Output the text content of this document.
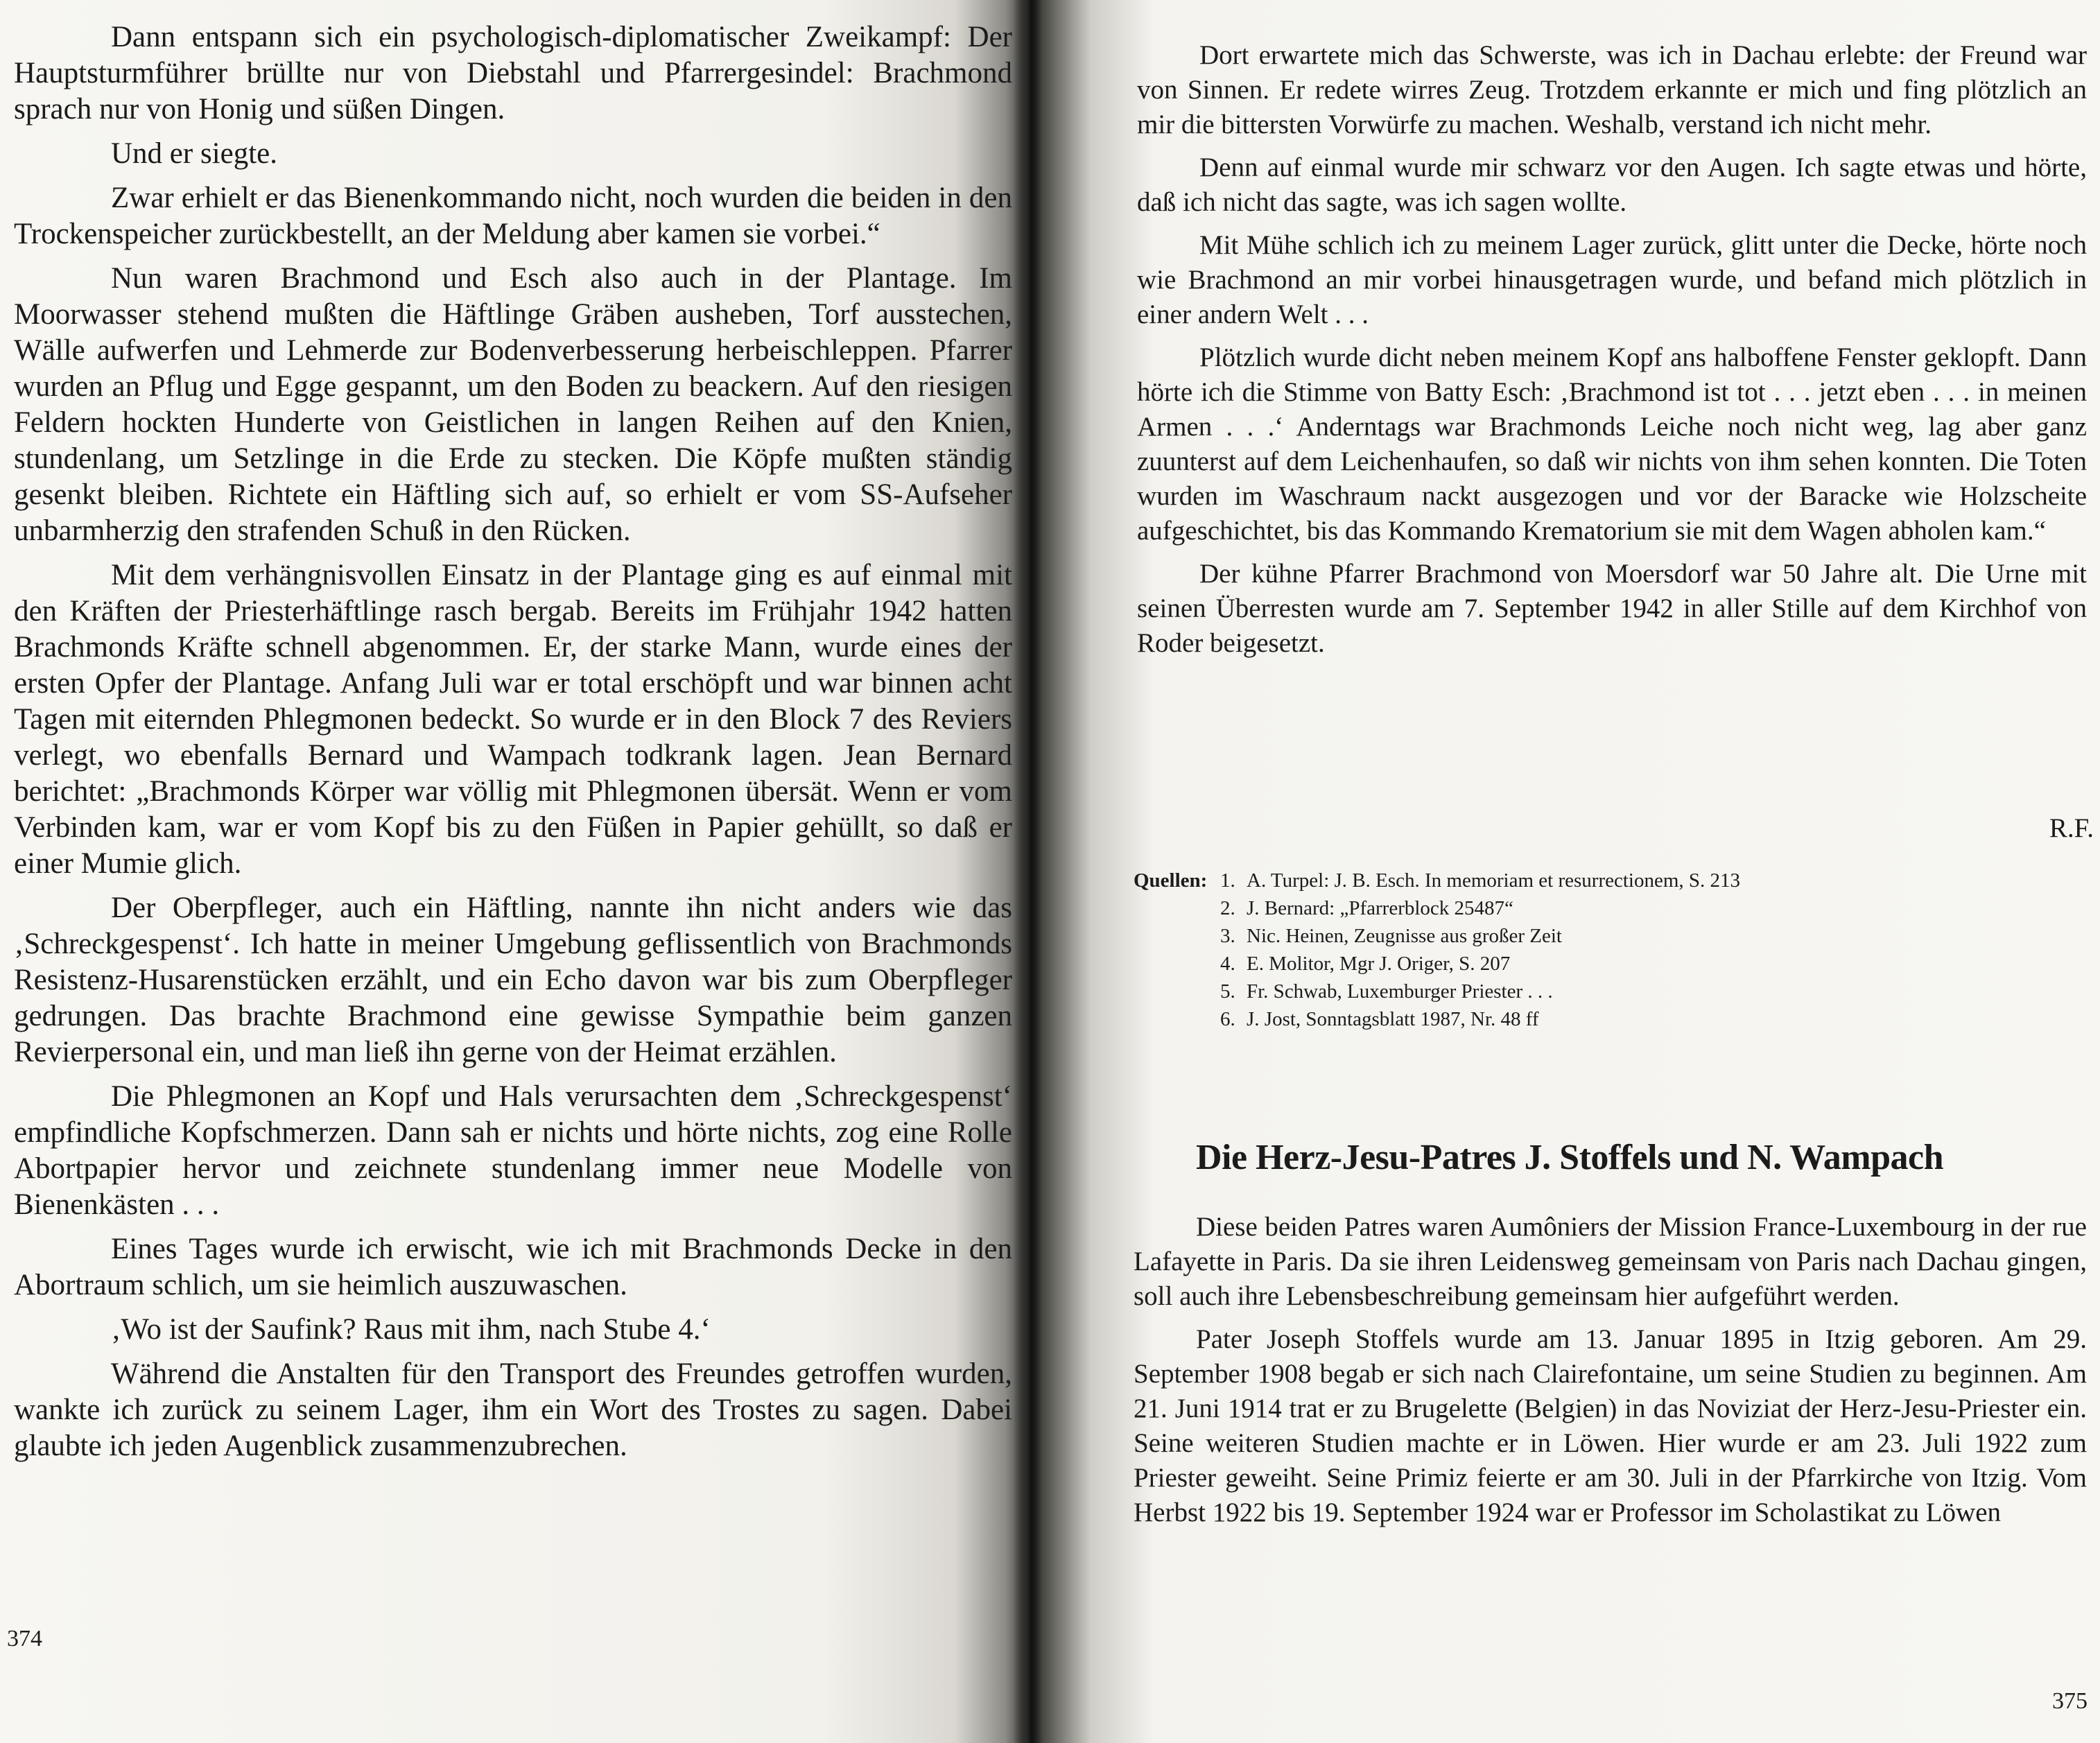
Dann entspann sich ein psychologisch-diplomatischer Zweikampf: Der Hauptsturmführer brüllte nur von Diebstahl und Pfarrergesindel: Brachmond sprach nur von Honig und süßen Dingen.

Und er siegte.

Zwar erhielt er das Bienenkommando nicht, noch wurden die beiden in den Trockenspeicher zurückbestellt, an der Meldung aber kamen sie vorbei.“

Nun waren Brachmond und Esch also auch in der Plantage. Im Moorwasser stehend mußten die Häftlinge Gräben ausheben, Torf ausstechen, Wälle aufwerfen und Lehmerde zur Bodenverbesserung herbeischleppen. Pfarrer wurden an Pflug und Egge gespannt, um den Boden zu beackern. Auf den riesigen Feldern hockten Hunderte von Geistlichen in langen Reihen auf den Knien, stundenlang, um Setzlinge in die Erde zu stecken. Die Köpfe mußten ständig gesenkt bleiben. Richtete ein Häftling sich auf, so erhielt er vom SS-Aufseher unbarmherzig den strafenden Schuß in den Rücken.

Mit dem verhängnisvollen Einsatz in der Plantage ging es auf einmal mit den Kräften der Priesterhäftlinge rasch bergab. Bereits im Frühjahr 1942 hatten Brachmonds Kräfte schnell abgenommen. Er, der starke Mann, wurde eines der ersten Opfer der Plantage. Anfang Juli war er total erschöpft und war binnen acht Tagen mit eiternden Phlegmonen bedeckt. So wurde er in den Block 7 des Reviers verlegt, wo ebenfalls Bernard und Wampach todkrank lagen. Jean Bernard berichtet: „Brachmonds Körper war völlig mit Phlegmonen übersät. Wenn er vom Verbinden kam, war er vom Kopf bis zu den Füßen in Papier gehüllt, so daß er einer Mumie glich.

Der Oberpfleger, auch ein Häftling, nannte ihn nicht anders wie das ‚Schreckgespenst‘. Ich hatte in meiner Umgebung geflissentlich von Brachmonds Resistenz-Husarenstücken erzählt, und ein Echo davon war bis zum Oberpfleger gedrungen. Das brachte Brachmond eine gewisse Sympathie beim ganzen Revierpersonal ein, und man ließ ihn gerne von der Heimat erzählen.

Die Phlegmonen an Kopf und Hals verursachten dem ‚Schreckgespenst‘ empfindliche Kopfschmerzen. Dann sah er nichts und hörte nichts, zog eine Rolle Abortpapier hervor und zeichnete stundenlang immer neue Modelle von Bienenkästen . . .

Eines Tages wurde ich erwischt, wie ich mit Brachmonds Decke in den Abortraum schlich, um sie heimlich auszuwaschen.

‚Wo ist der Saufink? Raus mit ihm, nach Stube 4.‘

Während die Anstalten für den Transport des Freundes getroffen wurden, wankte ich zurück zu seinem Lager, ihm ein Wort des Trostes zu sagen. Dabei glaubte ich jeden Augenblick zusammenzubrechen.

374

Dort erwartete mich das Schwerste, was ich in Dachau erlebte: der Freund war von Sinnen. Er redete wirres Zeug. Trotzdem erkannte er mich und fing plötzlich an mir die bittersten Vorwürfe zu machen. Weshalb, verstand ich nicht mehr.

Denn auf einmal wurde mir schwarz vor den Augen. Ich sagte etwas und hörte, daß ich nicht das sagte, was ich sagen wollte.

Mit Mühe schlich ich zu meinem Lager zurück, glitt unter die Decke, hörte noch wie Brachmond an mir vorbei hinausgetragen wurde, und befand mich plötzlich in einer andern Welt . . .

Plötzlich wurde dicht neben meinem Kopf ans halboffene Fenster geklopft. Dann hörte ich die Stimme von Batty Esch: ‚Brachmond ist tot . . . jetzt eben . . . in meinen Armen . . .‘ Anderntags war Brachmonds Leiche noch nicht weg, lag aber ganz zuunterst auf dem Leichenhaufen, so daß wir nichts von ihm sehen konnten. Die Toten wurden im Waschraum nackt ausgezogen und vor der Baracke wie Holzscheite aufgeschichtet, bis das Kommando Krematorium sie mit dem Wagen abholen kam.“

Der kühne Pfarrer Brachmond von Moersdorf war 50 Jahre alt. Die Urne mit seinen Überresten wurde am 7. September 1942 in aller Stille auf dem Kirchhof von Roder beigesetzt.

R.F.
Quellen: 1. A. Turpel: J. B. Esch. In memoriam et resurrectionem, S. 213
2. J. Bernard: „Pfarrerblock 25487“
3. Nic. Heinen, Zeugnisse aus großer Zeit
4. E. Molitor, Mgr J. Origer, S. 207
5. Fr. Schwab, Luxemburger Priester . . .
6. J. Jost, Sonntagsblatt 1987, Nr. 48 ff
Die Herz-Jesu-Patres J. Stoffels und N. Wampach

Diese beiden Patres waren Aumôniers der Mission France-Luxembourg in der rue Lafayette in Paris. Da sie ihren Leidensweg gemeinsam von Paris nach Dachau gingen, soll auch ihre Lebensbeschreibung gemeinsam hier aufgeführt werden.

Pater Joseph Stoffels wurde am 13. Januar 1895 in Itzig geboren. Am 29. September 1908 begab er sich nach Clairefontaine, um seine Studien zu beginnen. Am 21. Juni 1914 trat er zu Brugelette (Belgien) in das Noviziat der Herz-Jesu-Priester ein. Seine weiteren Studien machte er in Löwen. Hier wurde er am 23. Juli 1922 zum Priester geweiht. Seine Primiz feierte er am 30. Juli in der Pfarrkirche von Itzig. Vom Herbst 1922 bis 19. September 1924 war er Professor im Scholastikat zu Löwen

375
